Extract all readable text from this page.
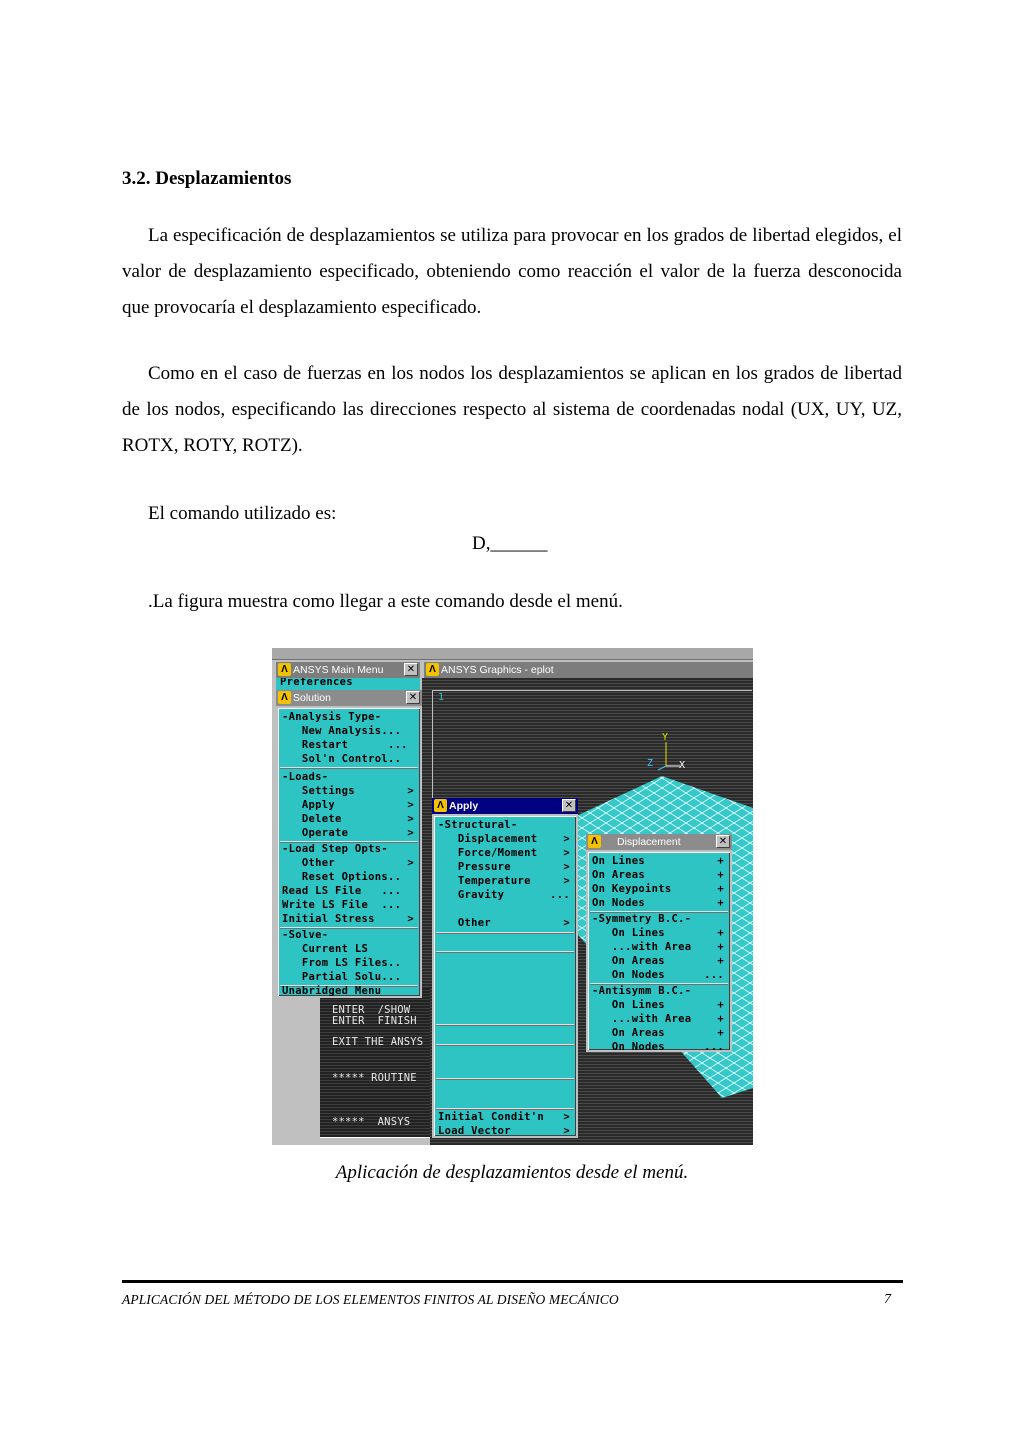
3.2. Desplazamientos

La especificación de desplazamientos se utiliza para provocar en los grados de libertad elegidos, el valor de desplazamiento especificado, obteniendo como reacción el valor de la fuerza desconocida que provocaría el desplazamiento especificado.

Como en el caso de fuerzas en los nodos los desplazamientos se aplican en los grados de libertad de los nodos, especificando las direcciones respecto al sistema de coordenadas nodal (UX, UY, UZ, ROTX, ROTY, ROTZ).

El comando utilizado es:

D,______

.La figura muestra como llegar a este comando desde el menú.

Λ ANSYS Main Menu ✕
Preferences
Λ ANSYS Graphics - eplot
1
Y
Z	X
ENTER  /SHOW
ENTER  FINISH
EXIT THE ANSYS
***** ROUTINE
*****  ANSYS
Λ Solution	✕
-Analysis Type-
New Analysis...
Restart      ...
Sol'n Control..
-Loads-
Settings	>
Apply	>
Delete	>
Operate	>
-Load Step Opts-
Other	>
Reset Options..
Read LS File   ...
Write LS File  ...
Initial Stress	>
-Solve-
Current LS
From LS Files..
Partial Solu...
Unabridged Menu
Λ Apply	✕
-Structural-
Displacement >
Force/Moment >
Pressure	>
Temperature	>
Gravity	...
Other	>
Initial Condit'n >
Load Vector	>
Λ	Displacement	✕
On Lines	+
On Areas	+
On Keypoints	+
On Nodes	+
-Symmetry B.C.-
On Lines	+
...with Area +
On Areas	+
On Nodes	...
-Antisymm B.C.-
On Lines	+
...with Area +
On Areas	+
On Nodes	...
Aplicación de desplazamientos desde el menú.
APLICACIÓN DEL MÉTODO DE LOS ELEMENTOS FINITOS AL DISEÑO MECÁNICO	7
